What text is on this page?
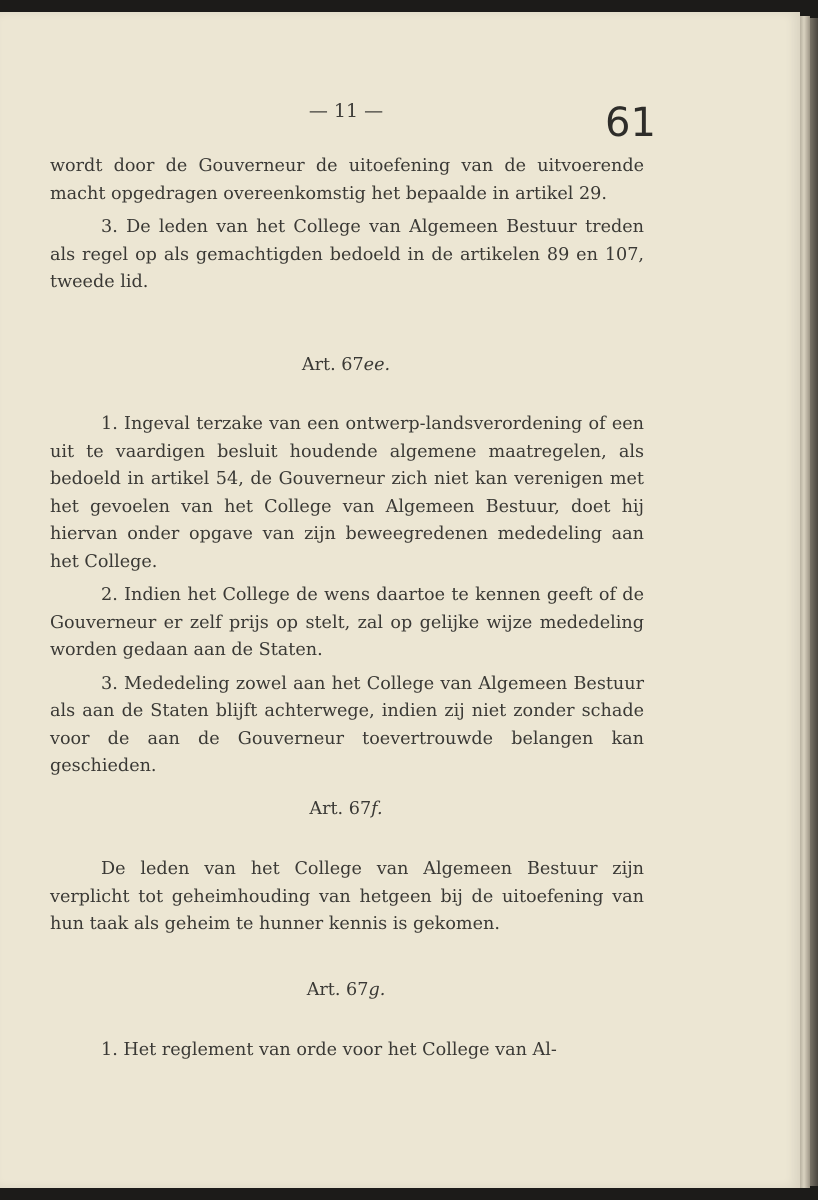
— 11 —	61

wordt door de Gouverneur de uitoefening van de uitvoerende macht opgedragen overeenkomstig het bepaalde in artikel 29.

3. De leden van het College van Algemeen Bestuur treden als regel op als gemachtigden bedoeld in de artikelen 89 en 107, tweede lid.

Art. 67ee.

1. Ingeval terzake van een ontwerp-landsverordening of een uit te vaardigen besluit houdende algemene maatregelen, als bedoeld in artikel 54, de Gouverneur zich niet kan verenigen met het gevoelen van het College van Algemeen Bestuur, doet hij hiervan onder opgave van zijn beweegredenen mededeling aan het College.

2. Indien het College de wens daartoe te kennen geeft of de Gouverneur er zelf prijs op stelt, zal op gelijke wijze mededeling worden gedaan aan de Staten.

3. Mededeling zowel aan het College van Algemeen Bestuur als aan de Staten blijft achterwege, indien zij niet zonder schade voor de aan de Gouverneur toevertrouwde belangen kan geschieden.

Art. 67f.

De leden van het College van Algemeen Bestuur zijn verplicht tot geheimhouding van hetgeen bij de uitoefening van hun taak als geheim te hunner kennis is gekomen.

Art. 67g.

1. Het reglement van orde voor het College van Al-
